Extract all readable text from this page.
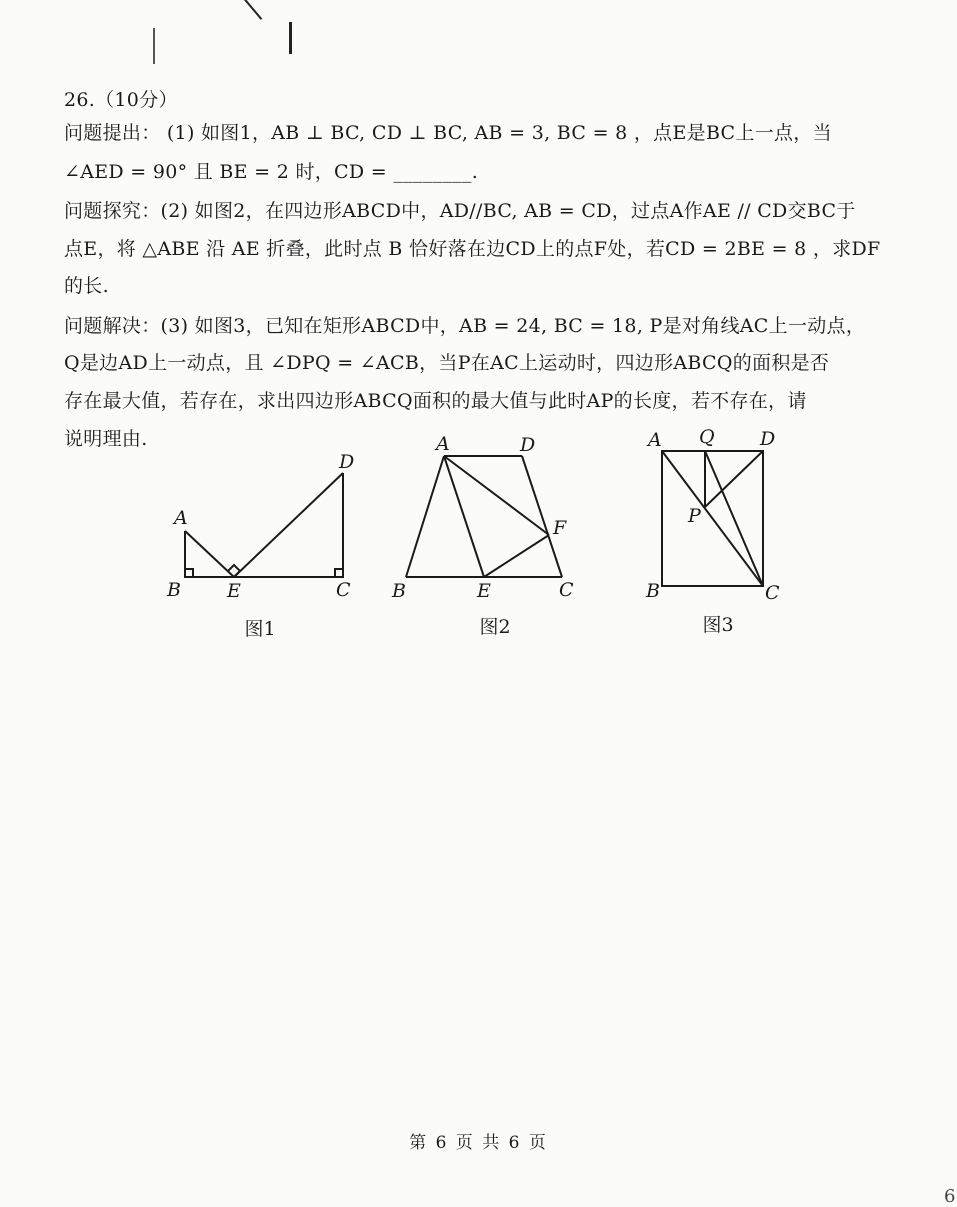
26.（10分）
问题提出： (1) 如图1，AB ⊥ BC, CD ⊥ BC, AB = 3, BC = 8 ，点E是BC上一点，当
∠AED = 90° 且 BE = 2 时，CD = ________.
问题探究：(2) 如图2，在四边形ABCD中，AD//BC, AB = CD，过点A作AE // CD交BC于
点E，将 △ABE 沿 AE 折叠，此时点 B 恰好落在边CD上的点F处，若CD = 2BE = 8 ，求DF
的长.
问题解决：(3) 如图3，已知在矩形ABCD中，AB = 24, BC = 18, P是对角线AC上一动点，
Q是边AD上一动点，且 ∠DPQ = ∠ACB，当P在AC上运动时，四边形ABCQ的面积是否
存在最大值，若存在，求出四边形ABCQ面积的最大值与此时AP的长度，若不存在，请
说明理由.
A
B E	C
D
A	D
B	E	C
F
A Q D
P
B	C
图1	图2	图3
第 6 页 共 6 页
6
